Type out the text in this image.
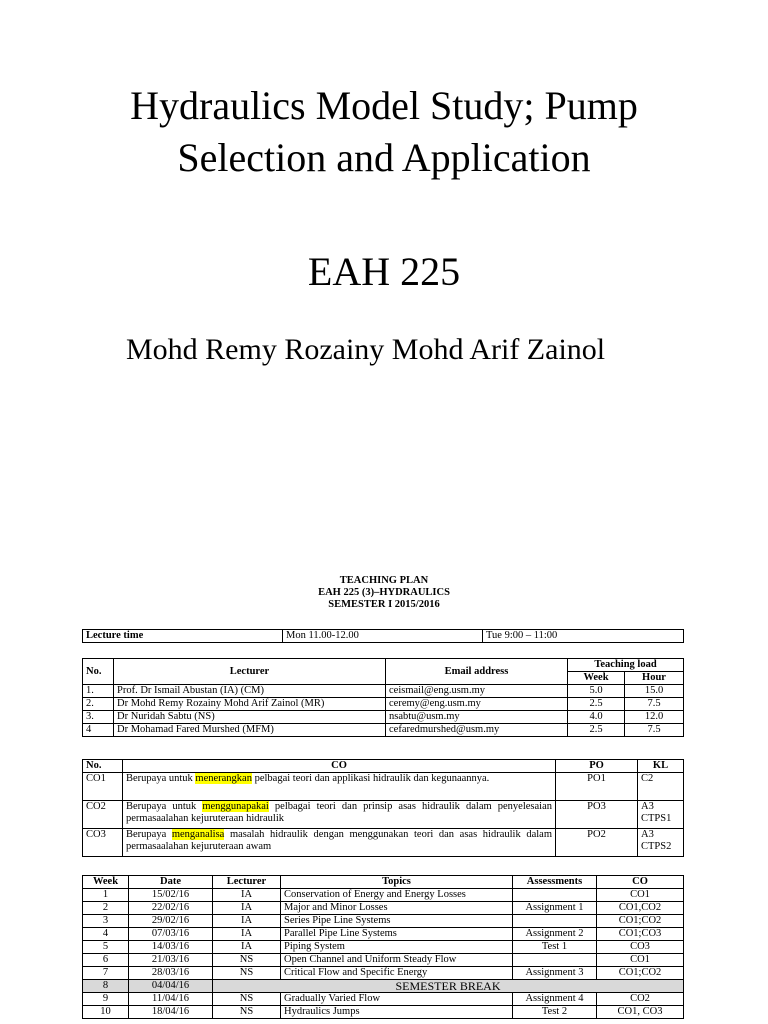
Hydraulics Model Study; Pump
Selection and Application
EAH 225
Mohd Remy Rozainy Mohd Arif Zainol
TEACHING PLAN
EAH 225 (3)–HYDRAULICS
SEMESTER I 2015/2016
Lecture time	Mon 11.00-12.00	Tue 9:00 – 11:00
No.	Lecturer	Email address	Teaching load	
			Week	Hour
1.	Prof. Dr Ismail Abustan (IA) (CM)	ceismail@eng.usm.my	5.0	15.0
2.	Dr Mohd Remy Rozainy Mohd Arif Zainol (MR)	ceremy@eng.usm.my	2.5	7.5
3.	Dr Nuridah Sabtu (NS)	nsabtu@usm.my	4.0	12.0
4	Dr Mohamad Fared Murshed (MFM)	cefaredmurshed@usm.my	2.5	7.5
No.	CO	PO	KL
CO1	Berupaya untuk menerangkan pelbagai teori dan applikasi hidraulik dan kegunaannya.	PO1	C2

CO2	Berupaya untuk menggunapakai pelbagai teori dan prinsip asas hidraulik dalam penyelesaian permasaalahan kejuruteraan hidraulik	PO3	A3
CTPS1

CO3	Berupaya menganalisa masalah hidraulik dengan menggunakan teori dan asas hidraulik dalam permasaalahan kejuruteraan awam	PO2	A3
CTPS2
Week	Date	Lecturer	Topics	Assessments	CO
1	15/02/16	IA	Conservation of Energy and Energy Losses		CO1
2	22/02/16	IA	Major and Minor Losses	Assignment 1	CO1,CO2
3	29/02/16	IA	Series Pipe Line Systems		CO1;CO2
4	07/03/16	IA	Parallel Pipe Line Systems	Assignment 2	CO1;CO3
5	14/03/16	IA	Piping System	Test 1	CO3
6	21/03/16	NS	Open Channel and Uniform Steady Flow		CO1
7	28/03/16	NS	Critical Flow and Specific Energy	Assignment 3	CO1;CO2
8	04/04/16	SEMESTER BREAK			
9	11/04/16	NS	Gradually Varied Flow	Assignment 4	CO2
10	18/04/16	NS	Hydraulics Jumps	Test 2	CO1, CO3
